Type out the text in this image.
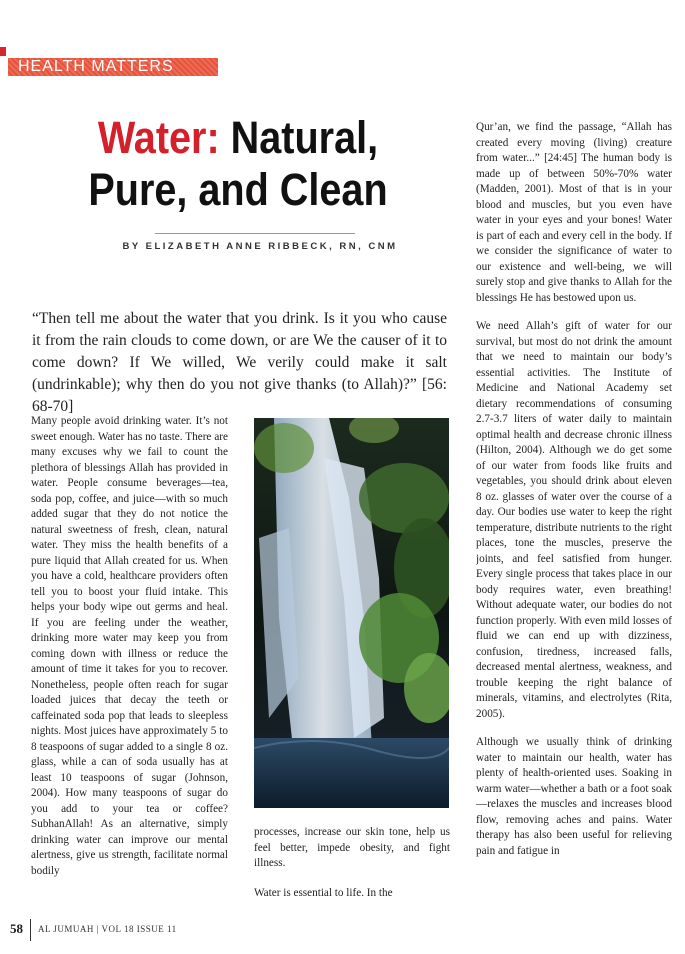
HEALTH MATTERS
Water: Natural, Pure, and Clean
BY ELIZABETH ANNE RIBBECK, RN, CNM
“Then tell me about the water that you drink. Is it you who cause it from the rain clouds to come down, or are We the causer of it to come down? If We willed, We verily could make it salt (undrinkable); why then do you not give thanks (to Allah)?” [56: 68-70]

Many people avoid drinking water. It’s not sweet enough. Water has no taste. There are many excuses why we fail to count the plethora of blessings Allah has provided in water. People consume beverages—tea, soda pop, coffee, and juice—with so much added sugar that they do not notice the natural sweetness of fresh, clean, natural water. They miss the health benefits of a pure liquid that Allah created for us. When you have a cold, healthcare providers often tell you to boost your fluid intake. This helps your body wipe out germs and heal. If you are feeling under the weather, drinking more water may keep you from coming down with illness or reduce the amount of time it takes for you to recover. Nonetheless, people often reach for sugar loaded juices that decay the teeth or caffeinated soda pop that leads to sleepless nights. Most juices have approximately 5 to 8 teaspoons of sugar added to a single 8 oz. glass, while a can of soda usually has at least 10 teaspoons of sugar (Johnson, 2004). How many teaspoons of sugar do you add to your tea or coffee? SubhanAllah! As an alternative, simply drinking water can improve our mental alertness, give us strength, facilitate normal bodily

processes, increase our skin tone, help us feel better, impede obesity, and fight illness.

Water is essential to life. In the

Qur’an, we find the passage, “Allah has created every moving (living) creature from water...” [24:45] The human body is made up of between 50%-70% water (Madden, 2001). Most of that is in your blood and muscles, but you even have water in your eyes and your bones! Water is part of each and every cell in the body. If we consider the significance of water to our existence and well-being, we will surely stop and give thanks to Allah for the blessings He has bestowed upon us.

We need Allah’s gift of water for our survival, but most do not drink the amount that we need to maintain our body’s essential activities. The Institute of Medicine and National Academy set dietary recommendations of consuming 2.7-3.7 liters of water daily to maintain optimal health and decrease chronic illness (Hilton, 2004). Although we do get some of our water from foods like fruits and vegetables, you should drink about eleven 8 oz. glasses of water over the course of a day. Our bodies use water to keep the right temperature, distribute nutrients to the right places, tone the muscles, preserve the joints, and feel satisfied from hunger. Every single process that takes place in our body requires water, even breathing! Without adequate water, our bodies do not function properly. With even mild losses of fluid we can end up with dizziness, confusion, tiredness, increased falls, decreased mental alertness, weakness, and trouble keeping the right balance of minerals, vitamins, and electrolytes (Rita, 2005).

Although we usually think of drinking water to maintain our health, water has plenty of health-oriented uses. Soaking in warm water—whether a bath or a foot soak—relaxes the muscles and increases blood flow, removing aches and pains. Water therapy has also been useful for relieving pain and fatigue in

58 AL JUMUAH | VOL 18 ISSUE 11
